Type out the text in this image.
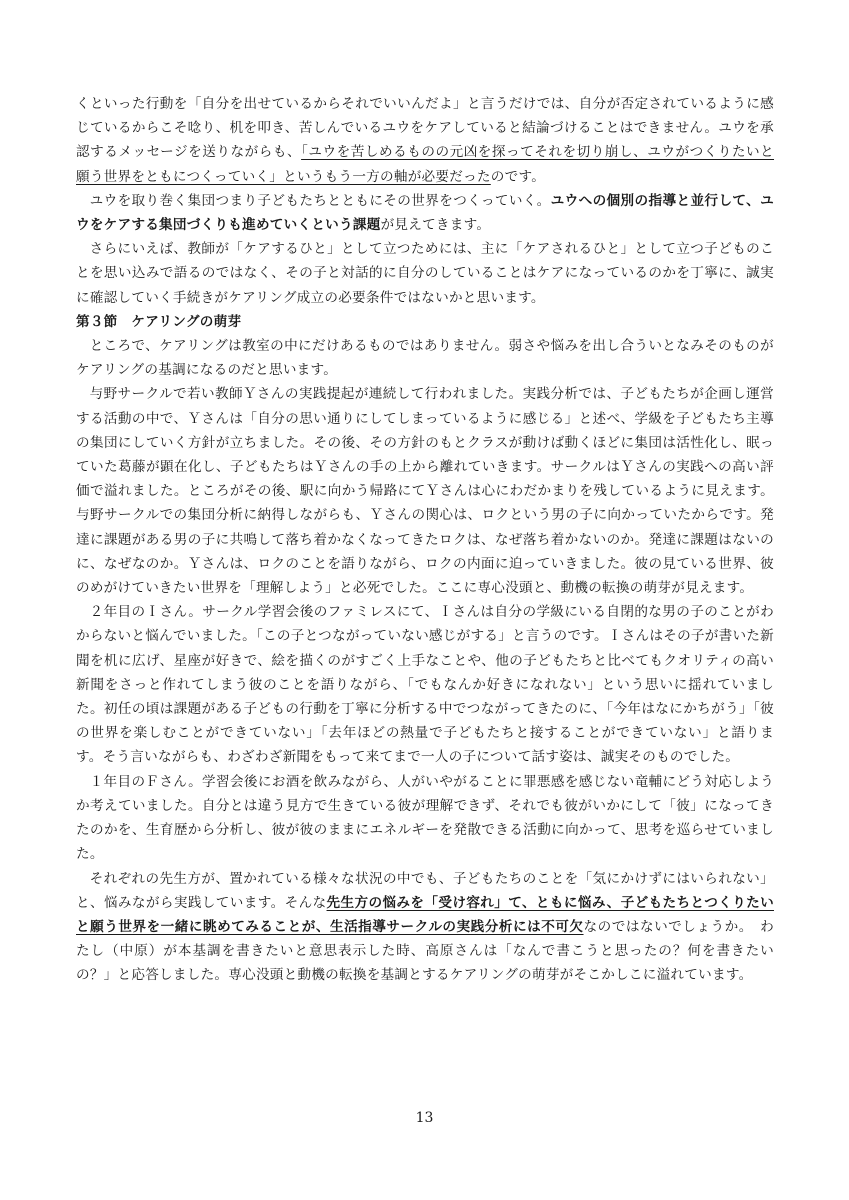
くといった行動を「自分を出せているからそれでいいんだよ」と言うだけでは、自分が否定されているように感じているからこそ唸り、机を叩き、苦しんでいるユウをケアしていると結論づけることはできません。ユウを承認するメッセージを送りながらも、「ユウを苦しめるものの元凶を探ってそれを切り崩し、ユウがつくりたいと願う世界をともにつくっていく」というもう一方の軸が必要だったのです。

ユウを取り巻く集団つまり子どもたちとともにその世界をつくっていく。ユウへの個別の指導と並行して、ユウをケアする集団づくりも進めていくという課題が見えてきます。

さらにいえば、教師が「ケアするひと」として立つためには、主に「ケアされるひと」として立つ子どものことを思い込みで語るのではなく、その子と対話的に自分のしていることはケアになっているのかを丁寧に、誠実に確認していく手続きがケアリング成立の必要条件ではないかと思います。

第３節　ケアリングの萌芽

ところで、ケアリングは教室の中にだけあるものではありません。弱さや悩みを出し合ういとなみそのものがケアリングの基調になるのだと思います。

与野サークルで若い教師Ｙさんの実践提起が連続して行われました。実践分析では、子どもたちが企画し運営する活動の中で、Ｙさんは「自分の思い通りにしてしまっているように感じる」と述べ、学級を子どもたち主導の集団にしていく方針が立ちました。その後、その方針のもとクラスが動けば動くほどに集団は活性化し、眠っていた葛藤が顕在化し、子どもたちはＹさんの手の上から離れていきます。サークルはＹさんの実践への高い評価で溢れました。ところがその後、駅に向かう帰路にてＹさんは心にわだかまりを残しているように見えます。与野サークルでの集団分析に納得しながらも、Ｙさんの関心は、ロクという男の子に向かっていたからです。発達に課題がある男の子に共鳴して落ち着かなくなってきたロクは、なぜ落ち着かないのか。発達に課題はないのに、なぜなのか。Ｙさんは、ロクのことを語りながら、ロクの内面に迫っていきました。彼の見ている世界、彼のめがけていきたい世界を「理解しよう」と必死でした。ここに専心没頭と、動機の転換の萌芽が見えます。

２年目のＩさん。サークル学習会後のファミレスにて、Ｉさんは自分の学級にいる自閉的な男の子のことがわからないと悩んでいました。「この子とつながっていない感じがする」と言うのです。Ｉさんはその子が書いた新聞を机に広げ、星座が好きで、絵を描くのがすごく上手なことや、他の子どもたちと比べてもクオリティの高い新聞をさっと作れてしまう彼のことを語りながら、「でもなんか好きになれない」という思いに揺れていました。初任の頃は課題がある子どもの行動を丁寧に分析する中でつながってきたのに、「今年はなにかちがう」「彼の世界を楽しむことができていない」「去年ほどの熱量で子どもたちと接することができていない」と語ります。そう言いながらも、わざわざ新聞をもって来てまで一人の子について話す姿は、誠実そのものでした。

１年目のＦさん。学習会後にお酒を飲みながら、人がいやがることに罪悪感を感じない竜輔にどう対応しようか考えていました。自分とは違う見方で生きている彼が理解できず、それでも彼がいかにして「彼」になってきたのかを、生育歴から分析し、彼が彼のままにエネルギーを発散できる活動に向かって、思考を巡らせていました。

それぞれの先生方が、置かれている様々な状況の中でも、子どもたちのことを「気にかけずにはいられない」と、悩みながら実践しています。そんな先生方の悩みを「受け容れ」て、ともに悩み、子どもたちとつくりたいと願う世界を一緒に眺めてみることが、生活指導サークルの実践分析には不可欠なのではないでしょうか。　わたし（中原）が本基調を書きたいと意思表示した時、高原さんは「なんで書こうと思ったの？何を書きたいの？」と応答しました。専心没頭と動機の転換を基調とするケアリングの萌芽がそこかしこに溢れています。

13
